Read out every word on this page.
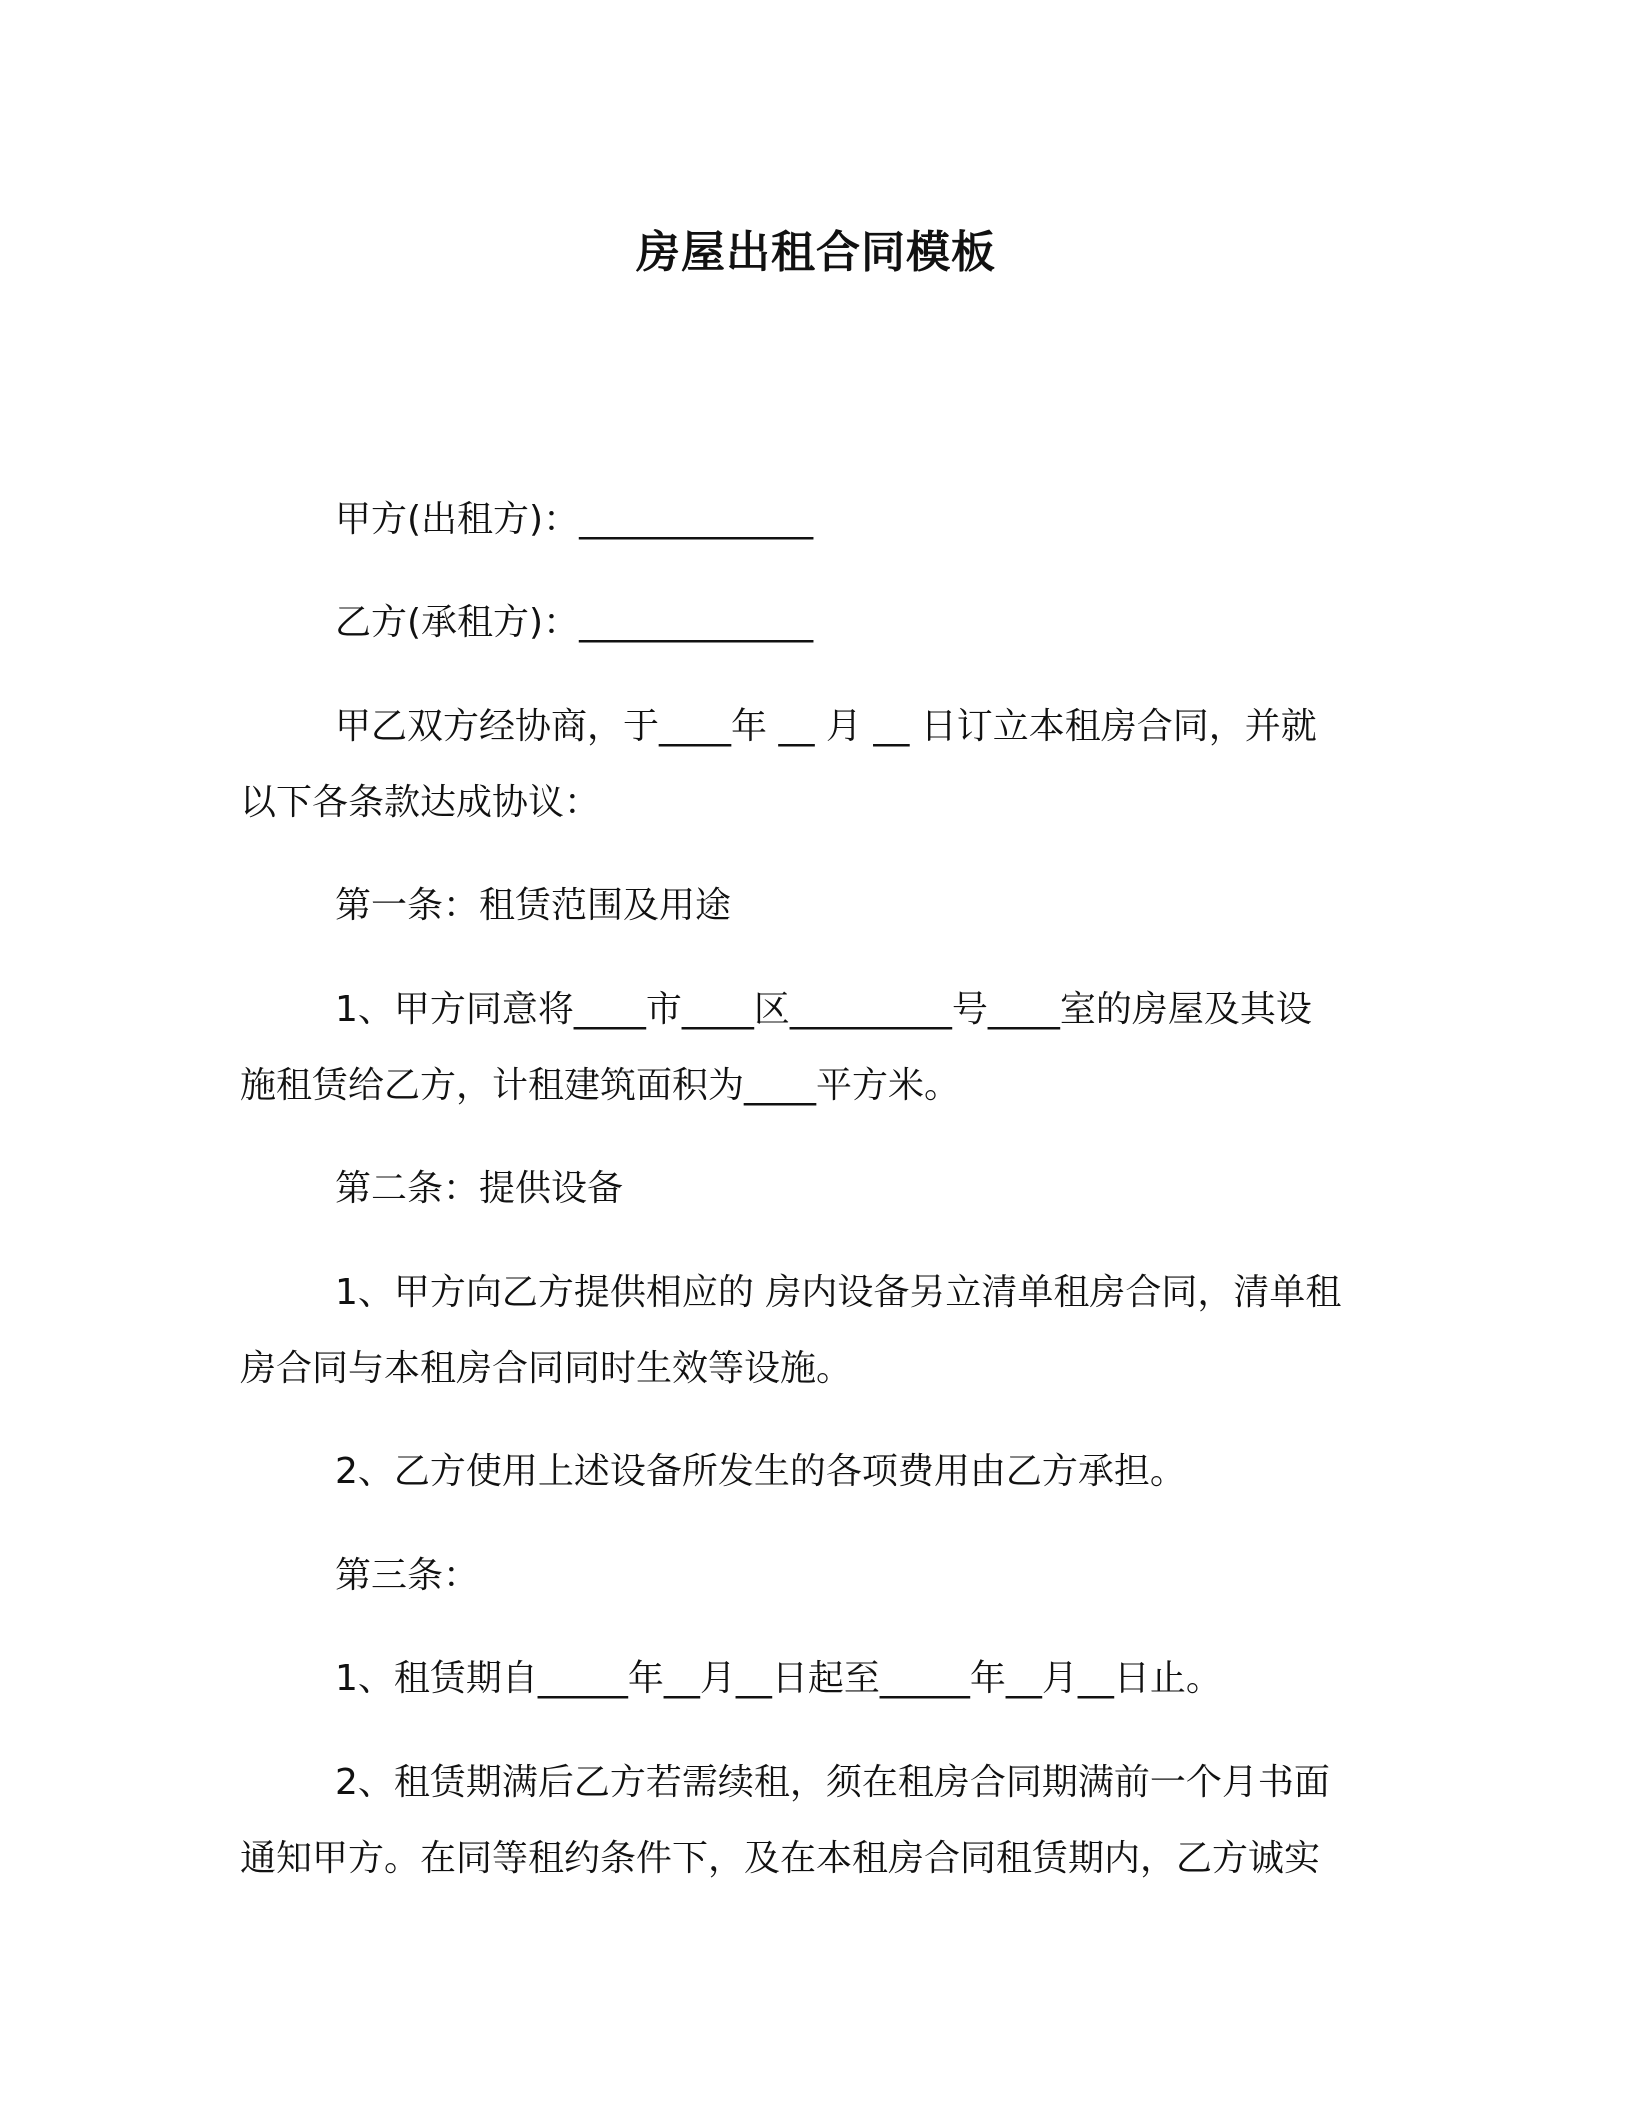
房屋出租合同模板
甲方(出租方)：_____________
乙方(承租方)：_____________
甲乙双方经协商，于____年 __ 月 __ 日订立本租房合同，并就
以下各条款达成协议：
第一条：租赁范围及用途
1、甲方同意将____市____区_________号____室的房屋及其设
施租赁给乙方，计租建筑面积为____平方米。
第二条：提供设备
1、甲方向乙方提供相应的 房内设备另立清单租房合同，清单租
房合同与本租房合同同时生效等设施。
2、乙方使用上述设备所发生的各项费用由乙方承担。
第三条：
1、租赁期自_____年__月__日起至_____年__月__日止。
2、租赁期满后乙方若需续租，须在租房合同期满前一个月书面
通知甲方。在同等租约条件下，及在本租房合同租赁期内，乙方诚实
